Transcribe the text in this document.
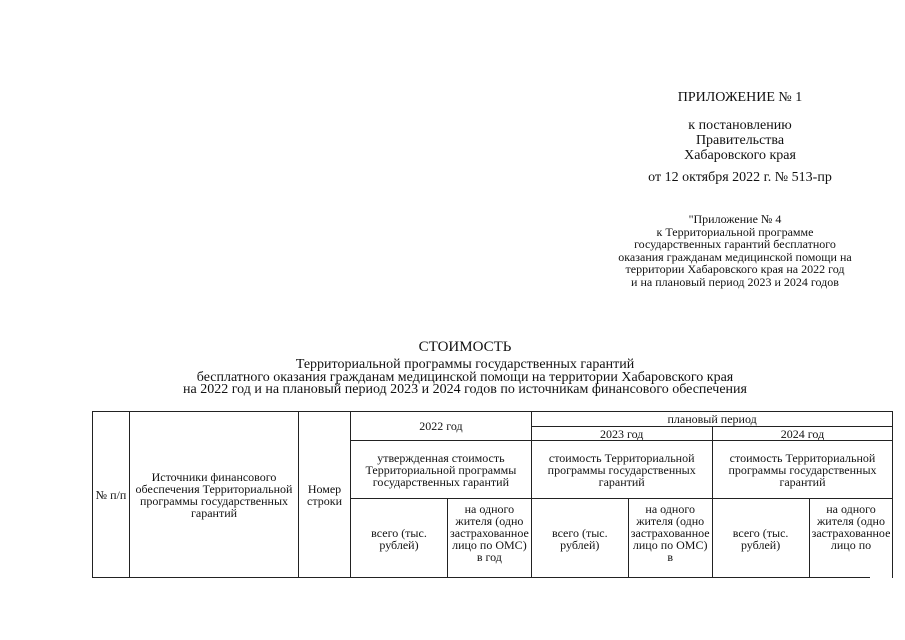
ПРИЛОЖЕНИЕ № 1
к постановлению
Правительства
Хабаровского края
от 12 октября 2022 г. № 513-пр
"Приложение № 4
к Территориальной программе
государственных гарантий бесплатного
оказания гражданам медицинской помощи на
территории Хабаровского края на 2022 год
и на плановый период 2023 и 2024 годов
СТОИМОСТЬ
Территориальной программы государственных гарантий
бесплатного оказания гражданам медицинской помощи на территории Хабаровского края
на 2022 год и на плановый период 2023 и 2024 годов по источникам финансового обеспечения
№ п/п	Источники финансового обеспечения Территориальной программы государственных гарантий	Номер строки	2022 год		плановый период			
					2023 год		2024 год	
			утвержденная стоимость Территориальной программы государственных гарантий		стоимость Территориальной программы государственных гарантий		стоимость Территориальной программы государственных гарантий	
			всего (тыс. рублей)	на одного жителя (одно застрахованное лицо по ОМС) в год	всего (тыс. рублей)	на одного жителя (одно застрахованное лицо по ОМС) в	всего (тыс. рублей)	на одного жителя (одно застрахованное лицо по
